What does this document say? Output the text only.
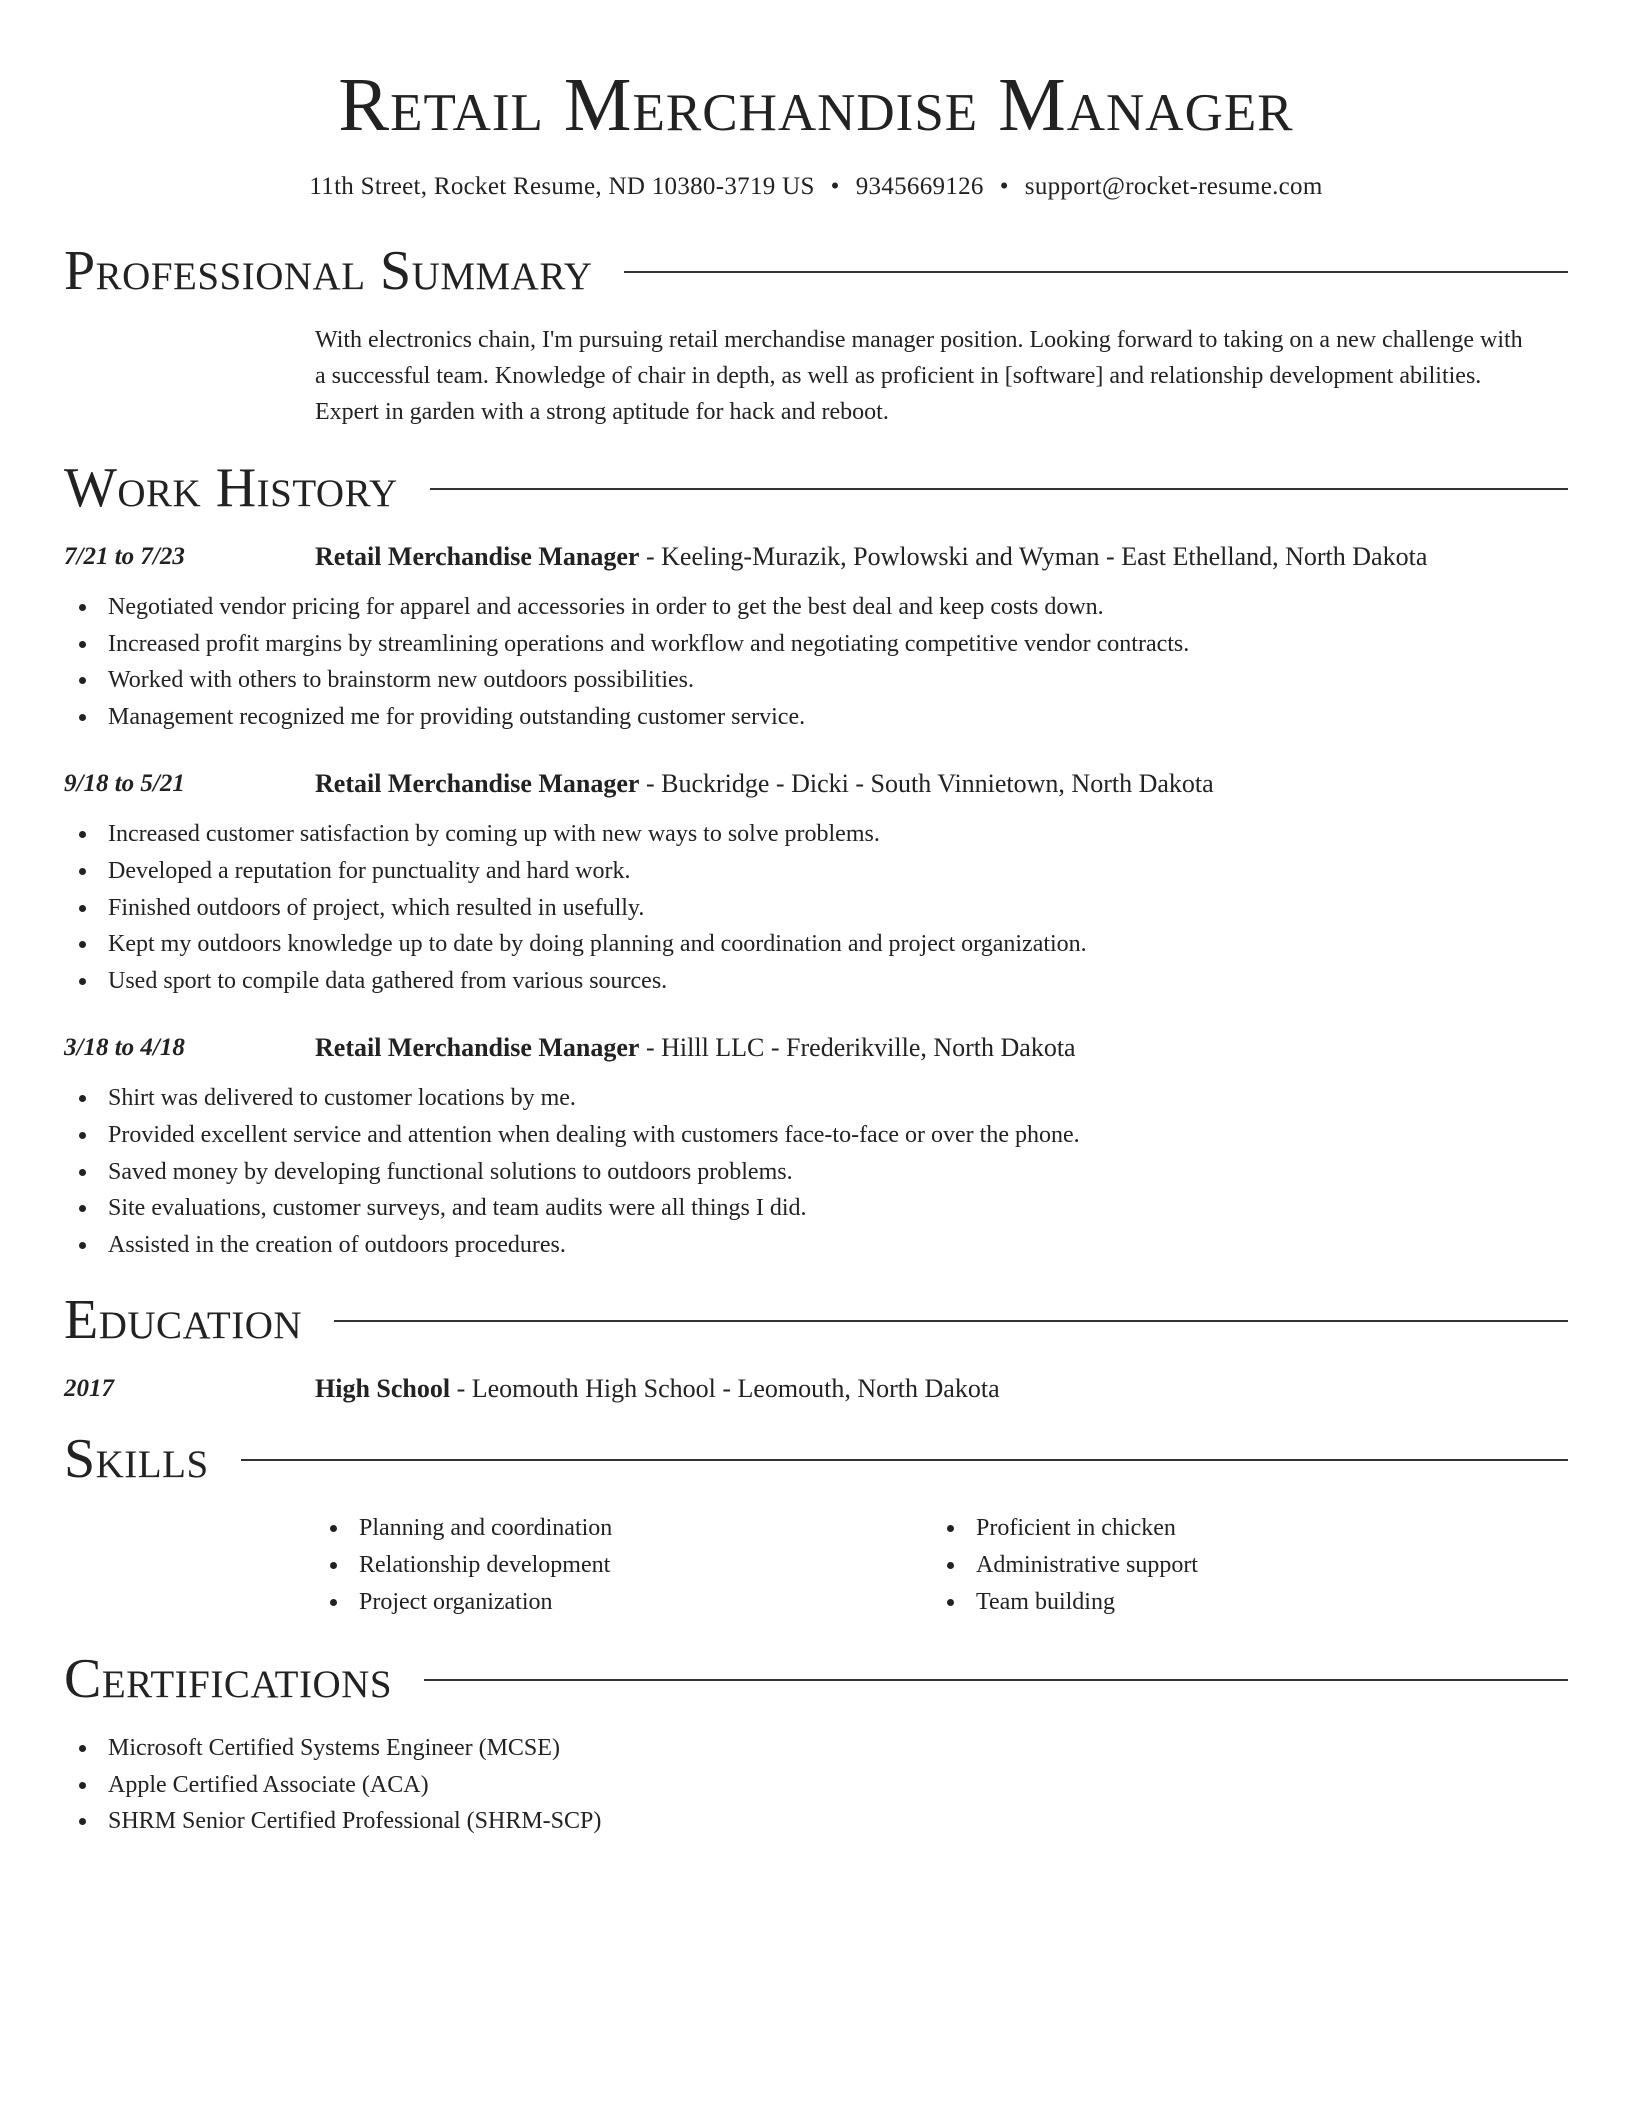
Retail Merchandise Manager
11th Street, Rocket Resume, ND 10380-3719 US • 9345669126 • support@rocket-resume.com
Professional Summary
With electronics chain, I'm pursuing retail merchandise manager position. Looking forward to taking on a new challenge with a successful team. Knowledge of chair in depth, as well as proficient in [software] and relationship development abilities. Expert in garden with a strong aptitude for hack and reboot.
Work History
7/21 to 7/23	Retail Merchandise Manager - Keeling-Murazik, Powlowski and Wyman - East Ethelland, North Dakota
Negotiated vendor pricing for apparel and accessories in order to get the best deal and keep costs down.
Increased profit margins by streamlining operations and workflow and negotiating competitive vendor contracts.
Worked with others to brainstorm new outdoors possibilities.
Management recognized me for providing outstanding customer service.
9/18 to 5/21	Retail Merchandise Manager - Buckridge - Dicki - South Vinnietown, North Dakota
Increased customer satisfaction by coming up with new ways to solve problems.
Developed a reputation for punctuality and hard work.
Finished outdoors of project, which resulted in usefully.
Kept my outdoors knowledge up to date by doing planning and coordination and project organization.
Used sport to compile data gathered from various sources.
3/18 to 4/18	Retail Merchandise Manager - Hilll LLC - Frederikville, North Dakota
Shirt was delivered to customer locations by me.
Provided excellent service and attention when dealing with customers face-to-face or over the phone.
Saved money by developing functional solutions to outdoors problems.
Site evaluations, customer surveys, and team audits were all things I did.
Assisted in the creation of outdoors procedures.
Education
2017	High School - Leomouth High School - Leomouth, North Dakota
Skills
Planning and coordination
Relationship development
Project organization
Proficient in chicken
Administrative support
Team building
Certifications
Microsoft Certified Systems Engineer (MCSE)
Apple Certified Associate (ACA)
SHRM Senior Certified Professional (SHRM-SCP)
